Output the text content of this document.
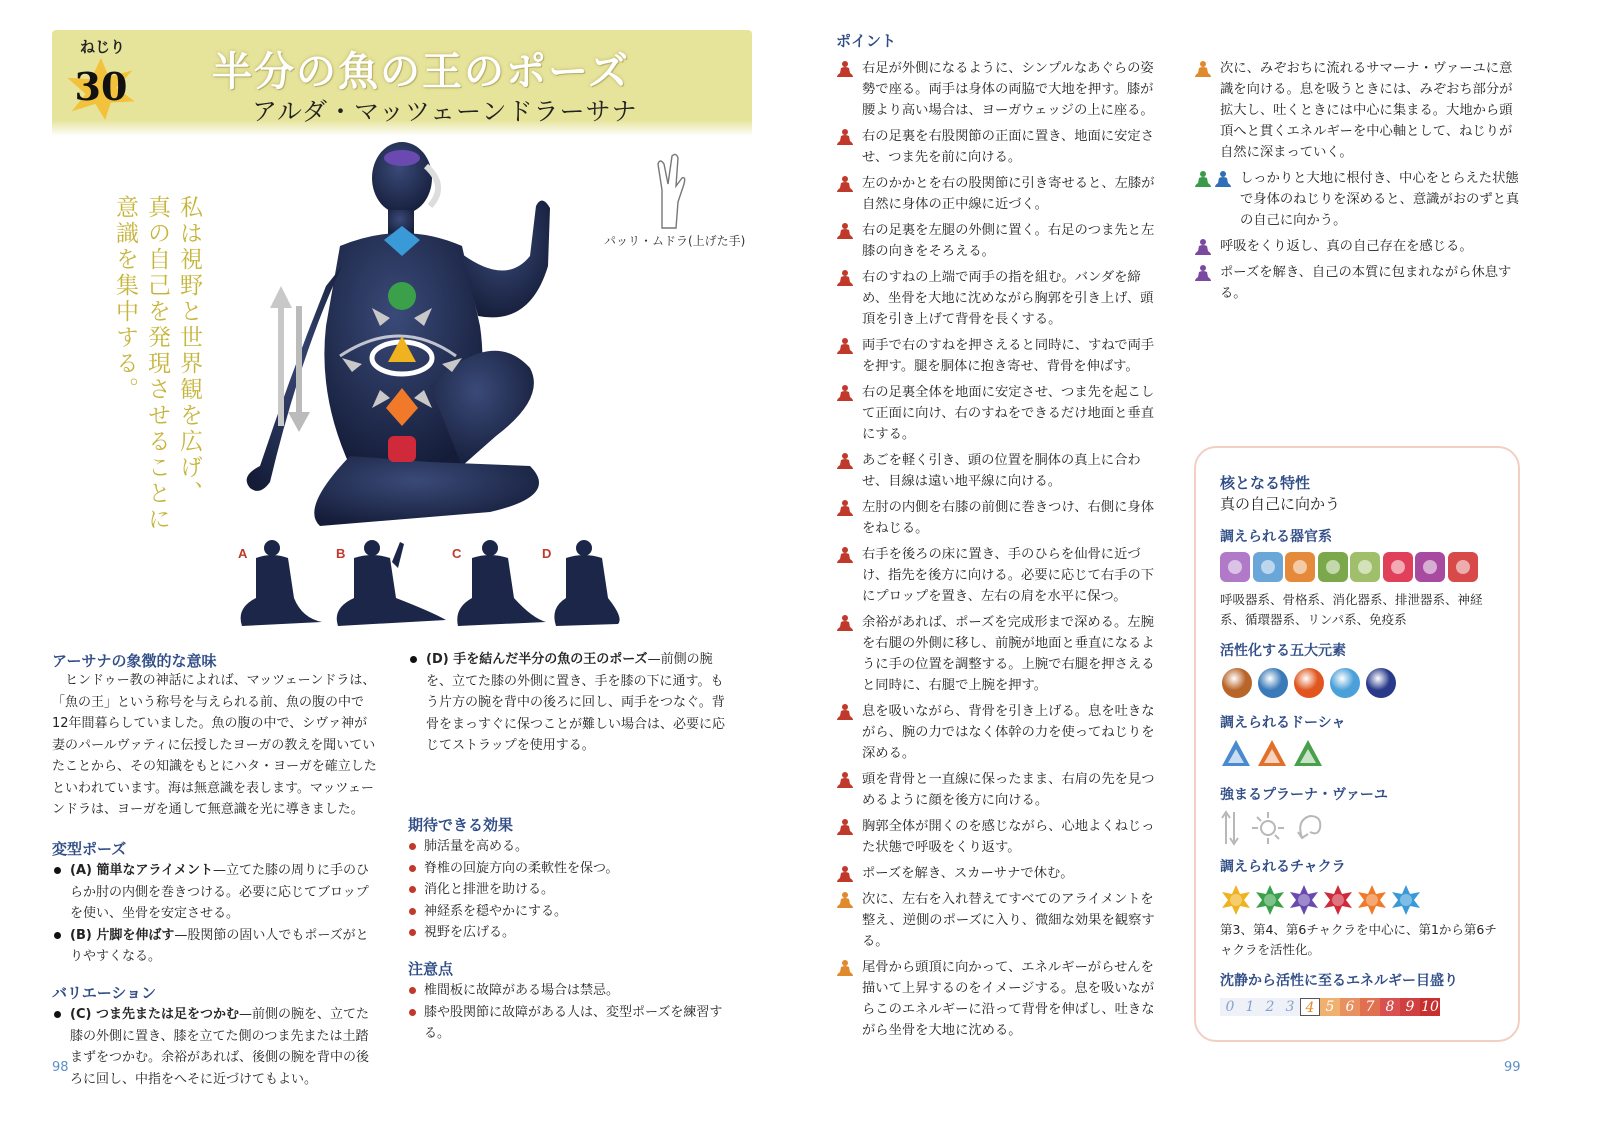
ねじり
30 半分の魚の王のポーズ
アルダ・マッツェーンドラーサナ
私は視野と世界観を広げ、
真の自己を発現させることに
意識を集中する。	パッリ・ムドラ(上げた手)
A	B	C	D
アーサナの象徴的な意味
ヒンドゥー教の神話によれば、マッツェーンドラは、「魚の王」という称号を与えられる前、魚の腹の中で12年間暮らしていました。魚の腹の中で、シヴァ神が妻のパールヴァティに伝授したヨーガの教えを聞いていたことから、その知識をもとにハタ・ヨーガを確立したといわれています。海は無意識を表します。マッツェーンドラは、ヨーガを通して無意識を光に導きました。
変型ポーズ

(A) 簡単なアライメント—立てた膝の周りに手のひらか肘の内側を巻きつける。必要に応じてブロップを使い、坐骨を安定させる。

(B) 片脚を伸ばす—股関節の固い人でもポーズがとりやすくなる。

バリエーション

(C) つま先または足をつかむ—前側の腕を、立てた膝の外側に置き、膝を立てた側のつま先または土踏まずをつかむ。余裕があれば、後側の腕を背中の後ろに回し、中指をへそに近づけてもよい。

(D) 手を結んだ半分の魚の王のポーズ—前側の腕を、立てた膝の外側に置き、手を膝の下に通す。もう片方の腕を背中の後ろに回し、両手をつなぐ。背骨をまっすぐに保つことが難しい場合は、必要に応じてストラップを使用する。

期待できる効果

肺活量を高める。

脊椎の回旋方向の柔軟性を保つ。

消化と排泄を助ける。

神経系を穏やかにする。

視野を広げる。

注意点

椎間板に故障がある場合は禁忌。

膝や股関節に故障がある人は、変型ポーズを練習する。

98
ポイント
右足が外側になるように、シンプルなあぐらの姿勢で座る。両手は身体の両脇で大地を押す。膝が腰より高い場合は、ヨーガウェッジの上に座る。
右の足裏を右股関節の正面に置き、地面に安定させ、つま先を前に向ける。
左のかかとを右の股関節に引き寄せると、左膝が自然に身体の正中線に近づく。
右の足裏を左腿の外側に置く。右足のつま先と左膝の向きをそろえる。
右のすねの上端で両手の指を組む。バンダを締め、坐骨を大地に沈めながら胸郭を引き上げ、頭頂を引き上げて背骨を長くする。
両手で右のすねを押さえると同時に、すねで両手を押す。腿を胴体に抱き寄せ、背骨を伸ばす。
右の足裏全体を地面に安定させ、つま先を起こして正面に向け、右のすねをできるだけ地面と垂直にする。
あごを軽く引き、頭の位置を胴体の真上に合わせ、目線は遠い地平線に向ける。
左肘の内側を右膝の前側に巻きつけ、右側に身体をねじる。
右手を後ろの床に置き、手のひらを仙骨に近づけ、指先を後方に向ける。必要に応じて右手の下にプロップを置き、左右の肩を水平に保つ。
余裕があれば、ポーズを完成形まで深める。左腕を右腿の外側に移し、前腕が地面と垂直になるように手の位置を調整する。上腕で右腿を押さえると同時に、右腿で上腕を押す。
息を吸いながら、背骨を引き上げる。息を吐きながら、腕の力ではなく体幹の力を使ってねじりを深める。
頭を背骨と一直線に保ったまま、右肩の先を見つめるように顔を後方に向ける。
胸郭全体が開くのを感じながら、心地よくねじった状態で呼吸をくり返す。
ポーズを解き、スカーサナで休む。
次に、左右を入れ替えてすべてのアライメントを整え、逆側のポーズに入り、微細な効果を観察する。
尾骨から頭頂に向かって、エネルギーがらせんを描いて上昇するのをイメージする。息を吸いながらこのエネルギーに沿って背骨を伸ばし、吐きながら坐骨を大地に沈める。
次に、みぞおちに流れるサマーナ・ヴァーユに意識を向ける。息を吸うときには、みぞおち部分が拡大し、吐くときには中心に集まる。大地から頭頂へと貫くエネルギーを中心軸として、ねじりが自然に深まっていく。
しっかりと大地に根付き、中心をとらえた状態で身体のねじりを深めると、意識がおのずと真の自己に向かう。
呼吸をくり返し、真の自己存在を感じる。
ポーズを解き、自己の本質に包まれながら休息する。
核となる特性
真の自己に向かう
調えられる器官系
呼吸器系、骨格系、消化器系、排泄器系、神経系、循環器系、リンパ系、免疫系
活性化する五大元素
調えられるドーシャ
強まるプラーナ・ヴァーユ
調えられるチャクラ
第3、第4、第6チャクラを中心に、第1から第6チャクラを活性化。
沈静から活性に至るエネルギー目盛り
0 1 2 3 4 5 6 7 8 9 10
99
